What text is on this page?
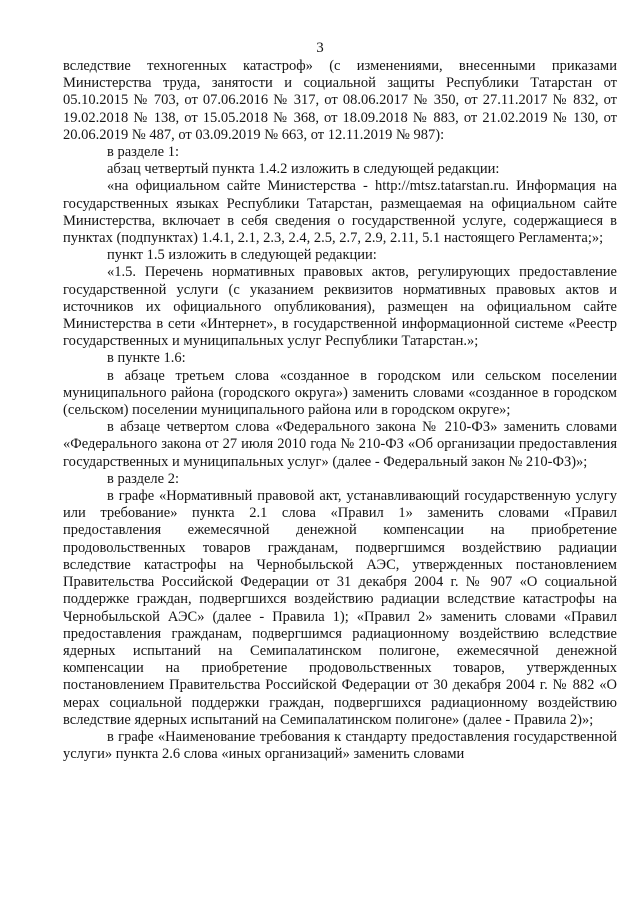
3

вследствие техногенных катастроф» (с изменениями, внесенными приказами Министерства труда, занятости и социальной защиты Республики Татарстан от 05.10.2015 № 703, от 07.06.2016 № 317, от 08.06.2017 № 350, от 27.11.2017 № 832, от 19.02.2018 № 138, от 15.05.2018 № 368, от 18.09.2018 № 883, от 21.02.2019 № 130, от 20.06.2019 № 487, от 03.09.2019 № 663, от 12.11.2019 № 987):

в разделе 1:

абзац четвертый пункта 1.4.2 изложить в следующей редакции:

«на официальном сайте Министерства - http://mtsz.tatarstan.ru. Информация на государственных языках Республики Татарстан, размещаемая на официальном сайте Министерства, включает в себя сведения о государственной услуге, содержащиеся в пунктах (подпунктах) 1.4.1, 2.1, 2.3, 2.4, 2.5, 2.7, 2.9, 2.11, 5.1 настоящего Регламента;»;

пункт 1.5 изложить в следующей редакции:

«1.5. Перечень нормативных правовых актов, регулирующих предоставление государственной услуги (с указанием реквизитов нормативных правовых актов и источников их официального опубликования), размещен на официальном сайте Министерства в сети «Интернет», в государственной информационной системе «Реестр государственных и муниципальных услуг Республики Татарстан.»;

в пункте 1.6:

в абзаце третьем слова «созданное в городском или сельском поселении муниципального района (городского округа») заменить словами «созданное в городском (сельском) поселении муниципального района или в городском округе»;

в абзаце четвертом слова «Федерального закона № 210-ФЗ» заменить словами «Федерального закона от 27 июля 2010 года № 210-ФЗ «Об организации предоставления государственных и муниципальных услуг» (далее - Федеральный закон № 210-ФЗ)»;

в разделе 2:

в графе «Нормативный правовой акт, устанавливающий государственную услугу или требование» пункта 2.1 слова «Правил 1» заменить словами «Правил предоставления ежемесячной денежной компенсации на приобретение продовольственных товаров гражданам, подвергшимся воздействию радиации вследствие катастрофы на Чернобыльской АЭС, утвержденных постановлением Правительства Российской Федерации от 31 декабря 2004 г. № 907 «О социальной поддержке граждан, подвергшихся воздействию радиации вследствие катастрофы на Чернобыльской АЭС» (далее - Правила 1); «Правил 2» заменить словами «Правил предоставления гражданам, подвергшимся радиационному воздействию вследствие ядерных испытаний на Семипалатинском полигоне, ежемесячной денежной компенсации на приобретение продовольственных товаров, утвержденных постановлением Правительства Российской Федерации от 30 декабря 2004 г. № 882 «О мерах социальной поддержки граждан, подвергшихся радиационному воздействию вследствие ядерных испытаний на Семипалатинском полигоне» (далее - Правила 2)»;

в графе «Наименование требования к стандарту предоставления государственной услуги» пункта 2.6 слова «иных организаций» заменить словами
